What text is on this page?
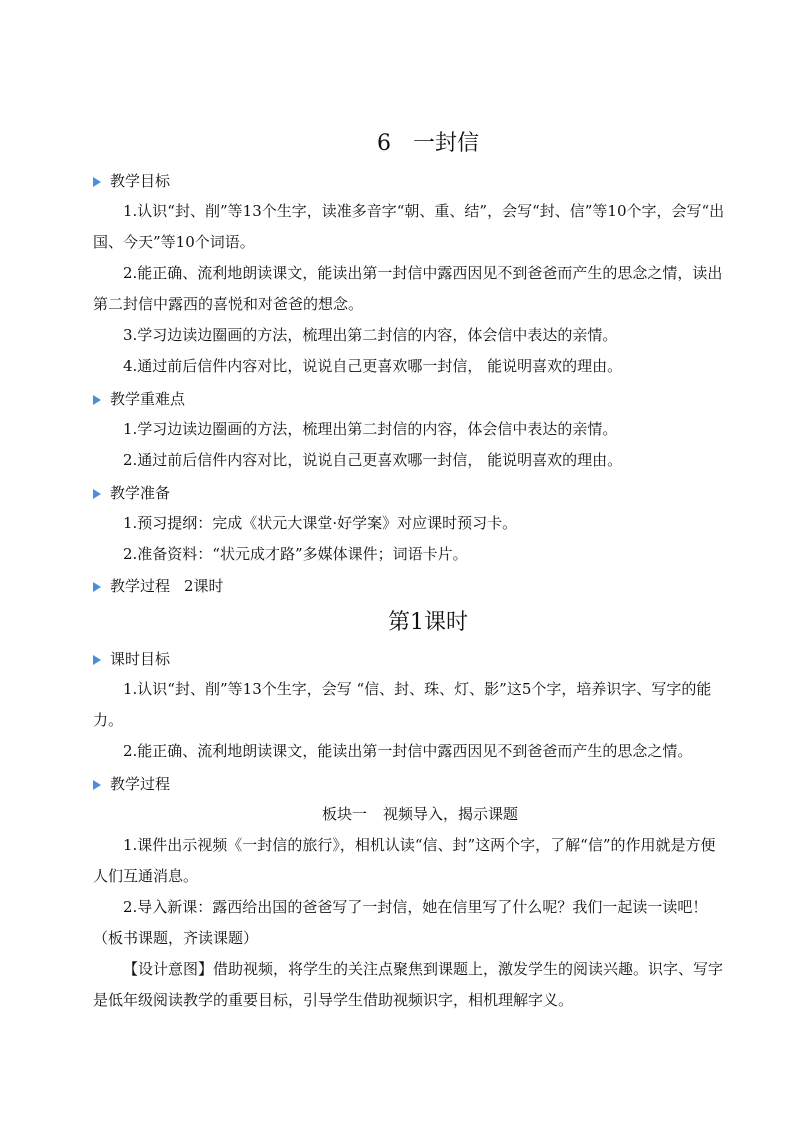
6 一封信
教学目标

1.认识“封、削”等13个生字，读准多音字“朝、重、结”，会写“封、信”等10个字，会写“出国、今天”等10个词语。

2.能正确、流利地朗读课文，能读出第一封信中露西因见不到爸爸而产生的思念之情，读出第二封信中露西的喜悦和对爸爸的想念。

3.学习边读边圈画的方法，梳理出第二封信的内容，体会信中表达的亲情。

4.通过前后信件内容对比，说说自己更喜欢哪一封信， 能说明喜欢的理由。

教学重难点

1.学习边读边圈画的方法，梳理出第二封信的内容，体会信中表达的亲情。

2.通过前后信件内容对比，说说自己更喜欢哪一封信， 能说明喜欢的理由。

教学准备

1.预习提纲：完成《状元大课堂·好学案》对应课时预习卡。

2.准备资料：“状元成才路”多媒体课件；词语卡片。

教学过程 2课时
第1课时
课时目标

1.认识“封、削”等13个生字，会写 “信、封、珠、灯、影”这5个字，培养识字、写字的能力。

2.能正确、流利地朗读课文，能读出第一封信中露西因见不到爸爸而产生的思念之情。

教学过程
板块一 视频导入，揭示课题

1.课件出示视频《一封信的旅行》，相机认读“信、封”这两个字，了解“信”的作用就是方便人们互通消息。

2.导入新课：露西给出国的爸爸写了一封信，她在信里写了什么呢？我们一起读一读吧！（板书课题，齐读课题）

【设计意图】借助视频，将学生的关注点聚焦到课题上，激发学生的阅读兴趣。识字、写字是低年级阅读教学的重要目标，引导学生借助视频识字，相机理解字义。
